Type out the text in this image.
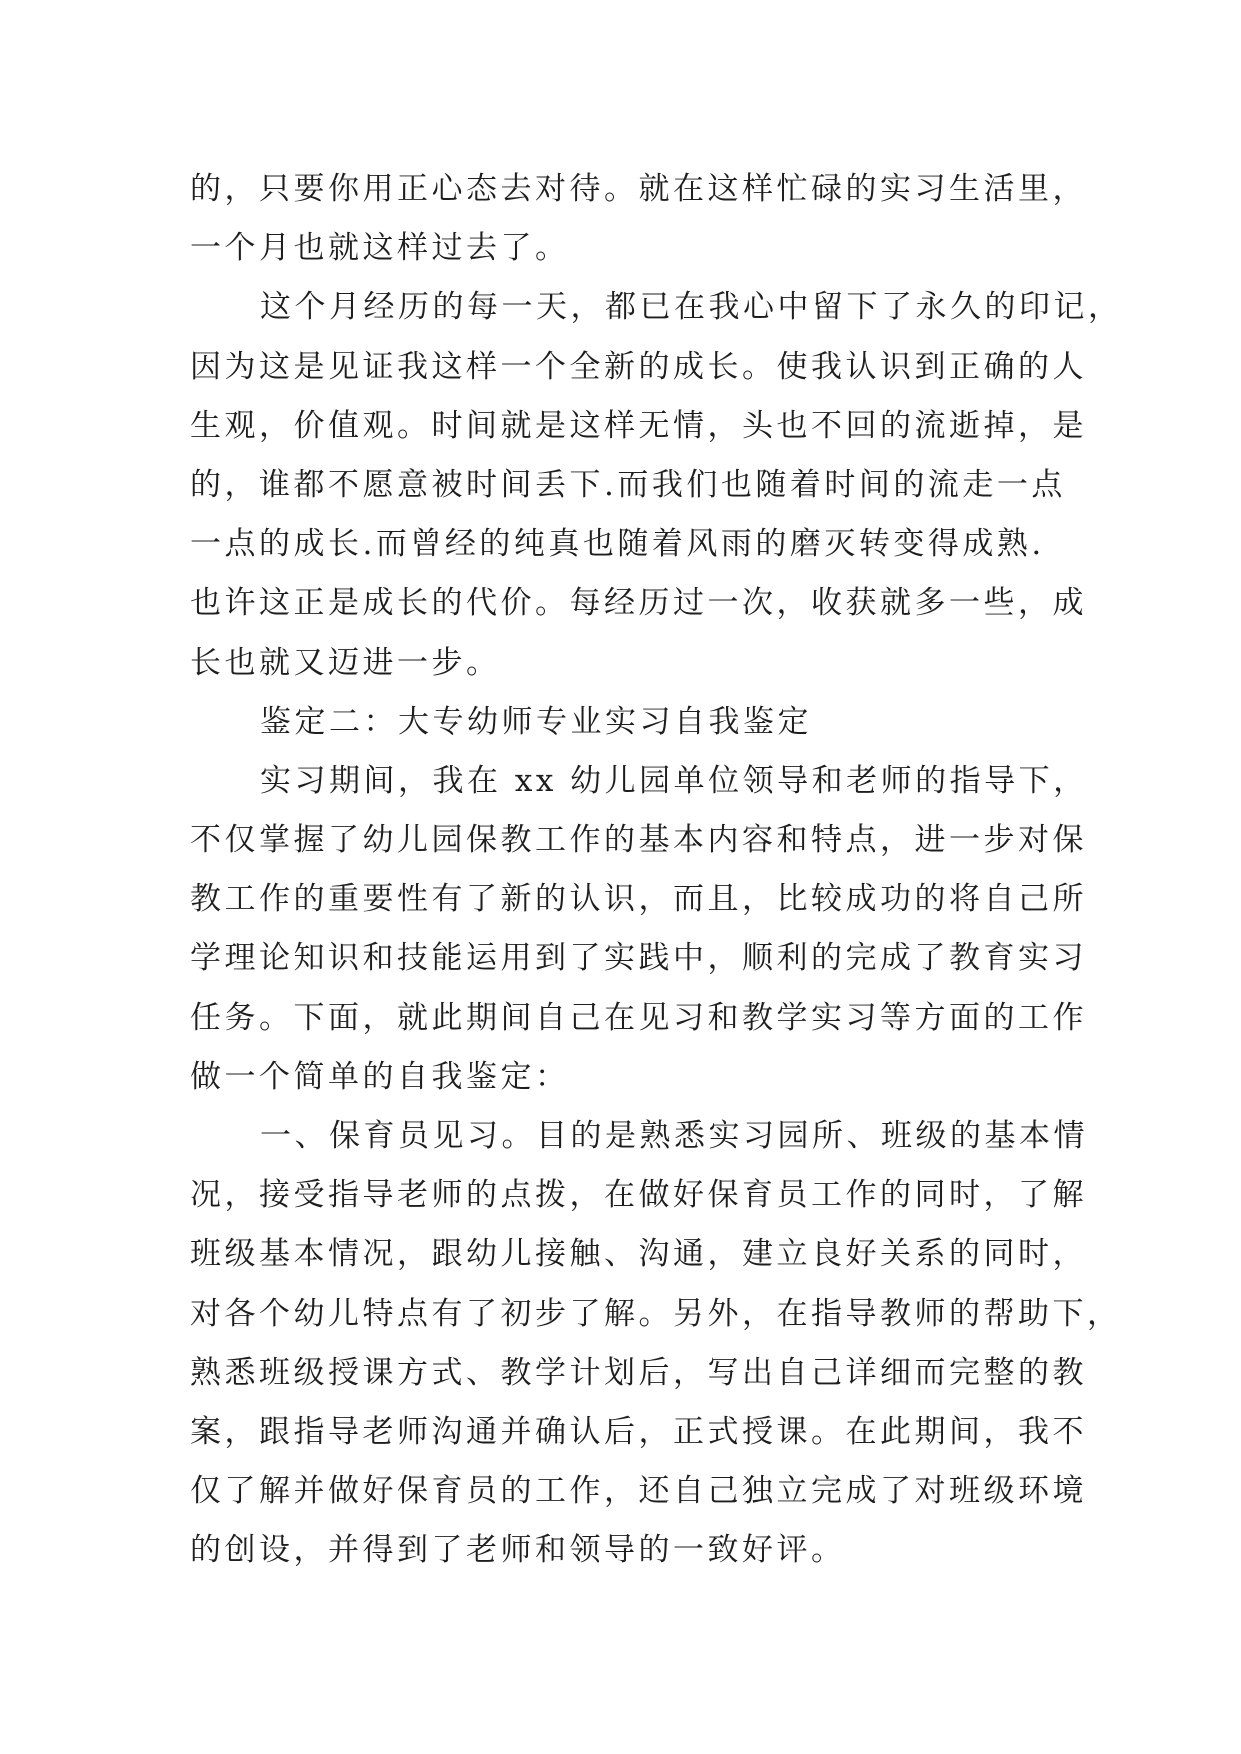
的，只要你用正心态去对待。就在这样忙碌的实习生活里，
一个月也就这样过去了。
这个月经历的每一天，都已在我心中留下了永久的印记，
因为这是见证我这样一个全新的成长。使我认识到正确的人
生观，价值观。时间就是这样无情，头也不回的流逝掉，是
的，谁都不愿意被时间丢下.而我们也随着时间的流走一点
一点的成长.而曾经的纯真也随着风雨的磨灭转变得成熟.
也许这正是成长的代价。每经历过一次，收获就多一些，成
长也就又迈进一步。
鉴定二：大专幼师专业实习自我鉴定
实习期间，我在 xx 幼儿园单位领导和老师的指导下，
不仅掌握了幼儿园保教工作的基本内容和特点，进一步对保
教工作的重要性有了新的认识，而且，比较成功的将自己所
学理论知识和技能运用到了实践中，顺利的完成了教育实习
任务。下面，就此期间自己在见习和教学实习等方面的工作
做一个简单的自我鉴定：
一、保育员见习。目的是熟悉实习园所、班级的基本情
况，接受指导老师的点拨，在做好保育员工作的同时，了解
班级基本情况，跟幼儿接触、沟通，建立良好关系的同时，
对各个幼儿特点有了初步了解。另外，在指导教师的帮助下，
熟悉班级授课方式、教学计划后，写出自己详细而完整的教
案，跟指导老师沟通并确认后，正式授课。在此期间，我不
仅了解并做好保育员的工作，还自己独立完成了对班级环境
的创设，并得到了老师和领导的一致好评。
